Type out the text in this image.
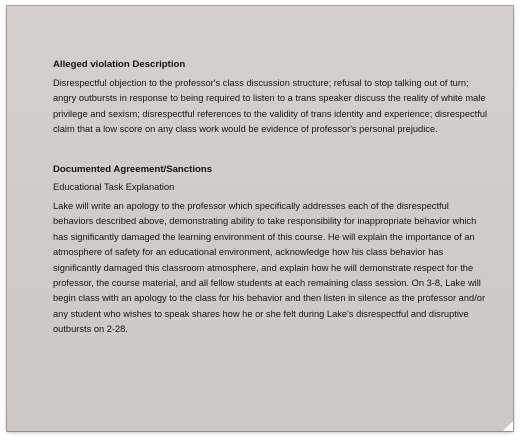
Alleged violation Description

Disrespectful objection to the professor's class discussion structure; refusal to stop talking out of turn; angry outbursts in response to being required to listen to a trans speaker discuss the reality of white male privilege and sexism; disrespectful references to the validity of trans identity and experience; disrespectful claim that a low score on any class work would be evidence of professor's personal prejudice.

Documented Agreement/Sanctions

Educational Task Explanation

Lake will write an apology to the professor which specifically addresses each of the disrespectful behaviors described above, demonstrating ability to take responsibility for inappropriate behavior which has significantly damaged the learning environment of this course. He will explain the importance of an atmosphere of safety for an educational environment, acknowledge how his class behavior has significantly damaged this classroom atmosphere, and explain how he will demonstrate respect for the professor, the course material, and all fellow students at each remaining class session. On 3-8, Lake will begin class with an apology to the class for his behavior and then listen in silence as the professor and/or any student who wishes to speak shares how he or she felt during Lake's disrespectful and disruptive outbursts on 2-28.
